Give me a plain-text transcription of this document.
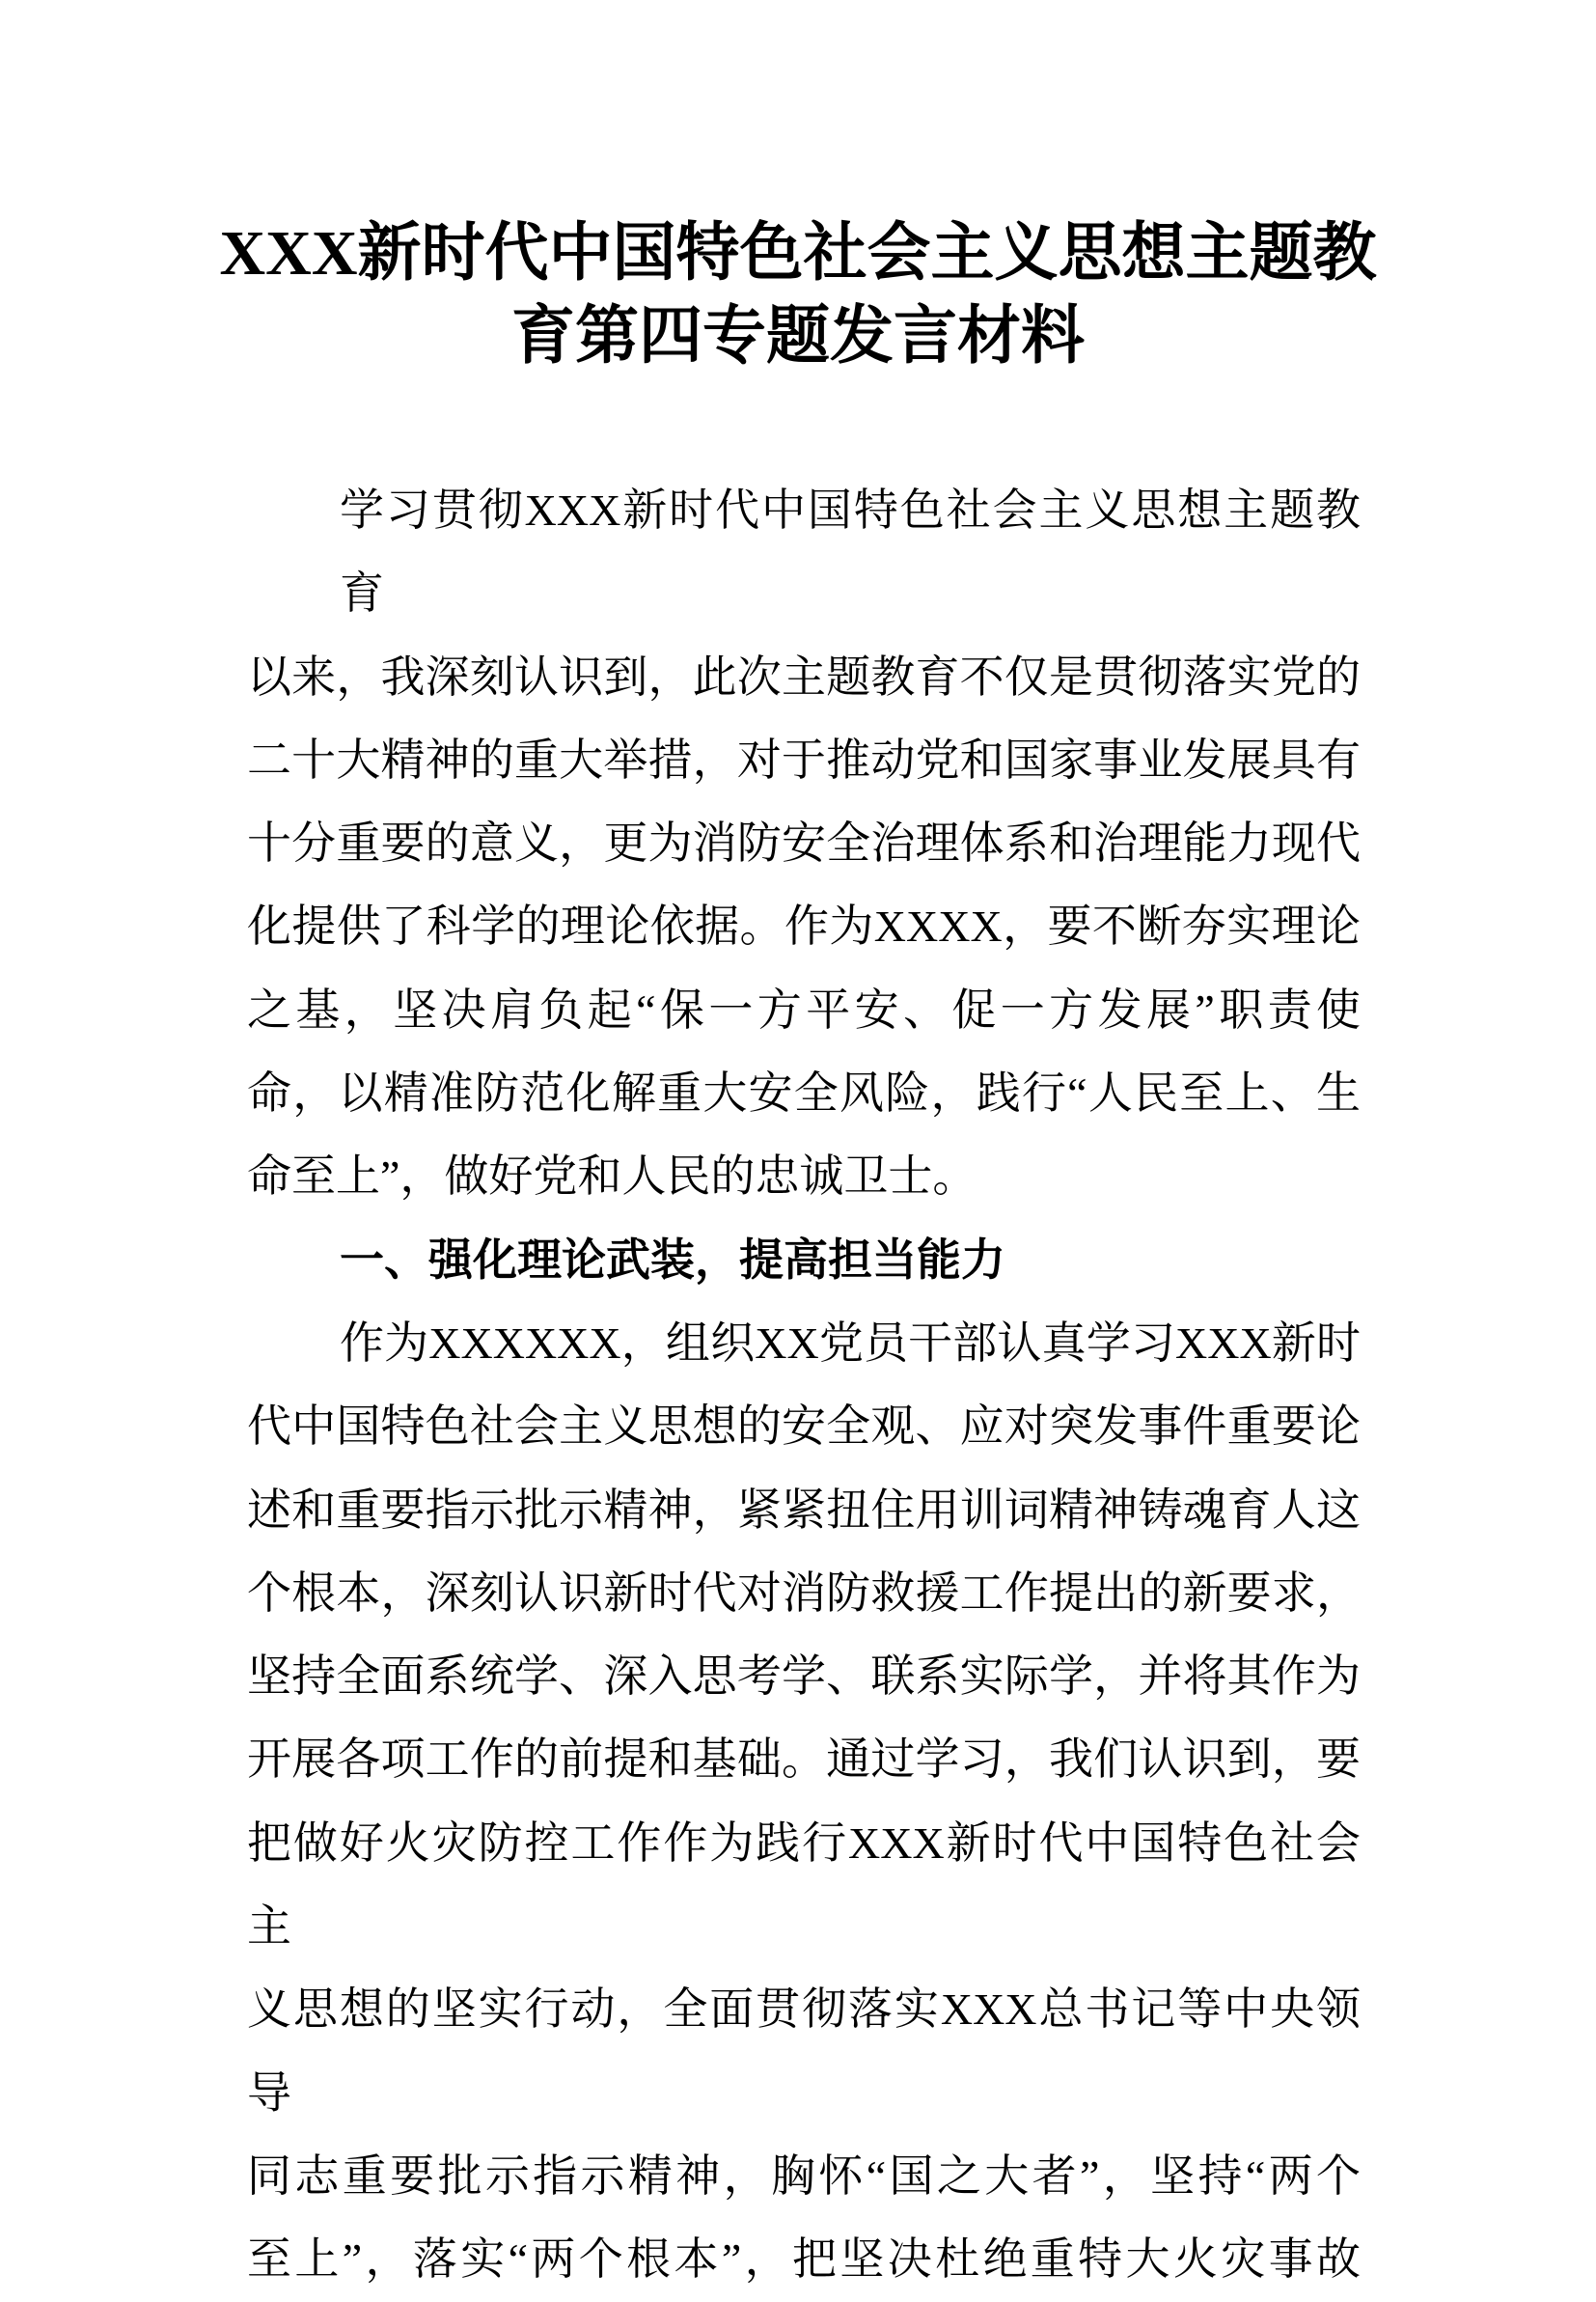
XXX新时代中国特色社会主义思想主题教
育第四专题发言材料
学习贯彻XXX新时代中国特色社会主义思想主题教育
以来，我深刻认识到，此次主题教育不仅是贯彻落实党的
二十大精神的重大举措，对于推动党和国家事业发展具有
十分重要的意义，更为消防安全治理体系和治理能力现代
化提供了科学的理论依据。作为XXXX，要不断夯实理论
之基，坚决肩负起“保一方平安、促一方发展”职责使
命，以精准防范化解重大安全风险，践行“人民至上、生
命至上”，做好党和人民的忠诚卫士。
一、强化理论武装，提高担当能力
作为XXXXXX，组织XX党员干部认真学习XXX新时
代中国特色社会主义思想的安全观、应对突发事件重要论
述和重要指示批示精神，紧紧扭住用训词精神铸魂育人这
个根本，深刻认识新时代对消防救援工作提出的新要求，
坚持全面系统学、深入思考学、联系实际学，并将其作为
开展各项工作的前提和基础。通过学习，我们认识到，要
把做好火灾防控工作作为践行XXX新时代中国特色社会主
义思想的坚实行动，全面贯彻落实XXX总书记等中央领导
同志重要批示指示精神，胸怀“国之大者”，坚持“两个
至上”，落实“两个根本”，把坚决杜绝重特大火灾事故
